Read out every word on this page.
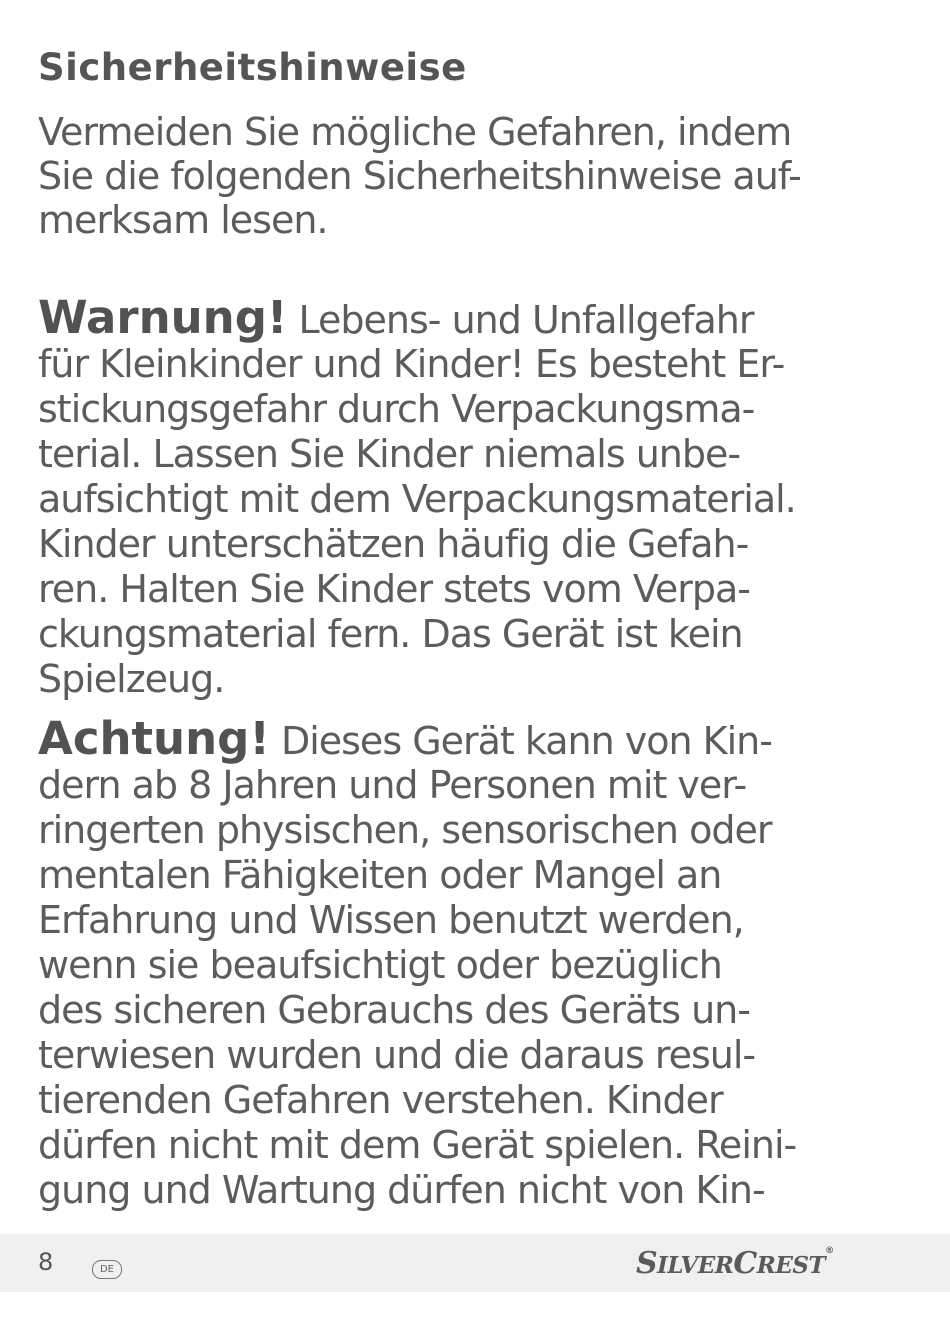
Sicherheitshinweise
Vermeiden Sie mögliche Gefahren, indem
Sie die folgenden Sicherheitshinweise auf-
merksam lesen.
Warnung! Lebens- und Unfallgefahr
für Kleinkinder und Kinder! Es besteht Er-
stickungsgefahr durch Verpackungsma-
terial. Lassen Sie Kinder niemals unbe-
aufsichtigt mit dem Verpackungsmaterial.
Kinder unterschätzen häufig die Gefah-
ren. Halten Sie Kinder stets vom Verpa-
ckungsmaterial fern. Das Gerät ist kein
Spielzeug.
Achtung! Dieses Gerät kann von Kin-
dern ab 8 Jahren und Personen mit ver-
ringerten physischen, sensorischen oder
mentalen Fähigkeiten oder Mangel an
Erfahrung und Wissen benutzt werden,
wenn sie beaufsichtigt oder bezüglich
des sicheren Gebrauchs des Geräts un-
terwiesen wurden und die daraus resul-
tierenden Gefahren verstehen. Kinder
dürfen nicht mit dem Gerät spielen. Reini-
gung und Wartung dürfen nicht von Kin-
8	DE	SILVERCREST®
